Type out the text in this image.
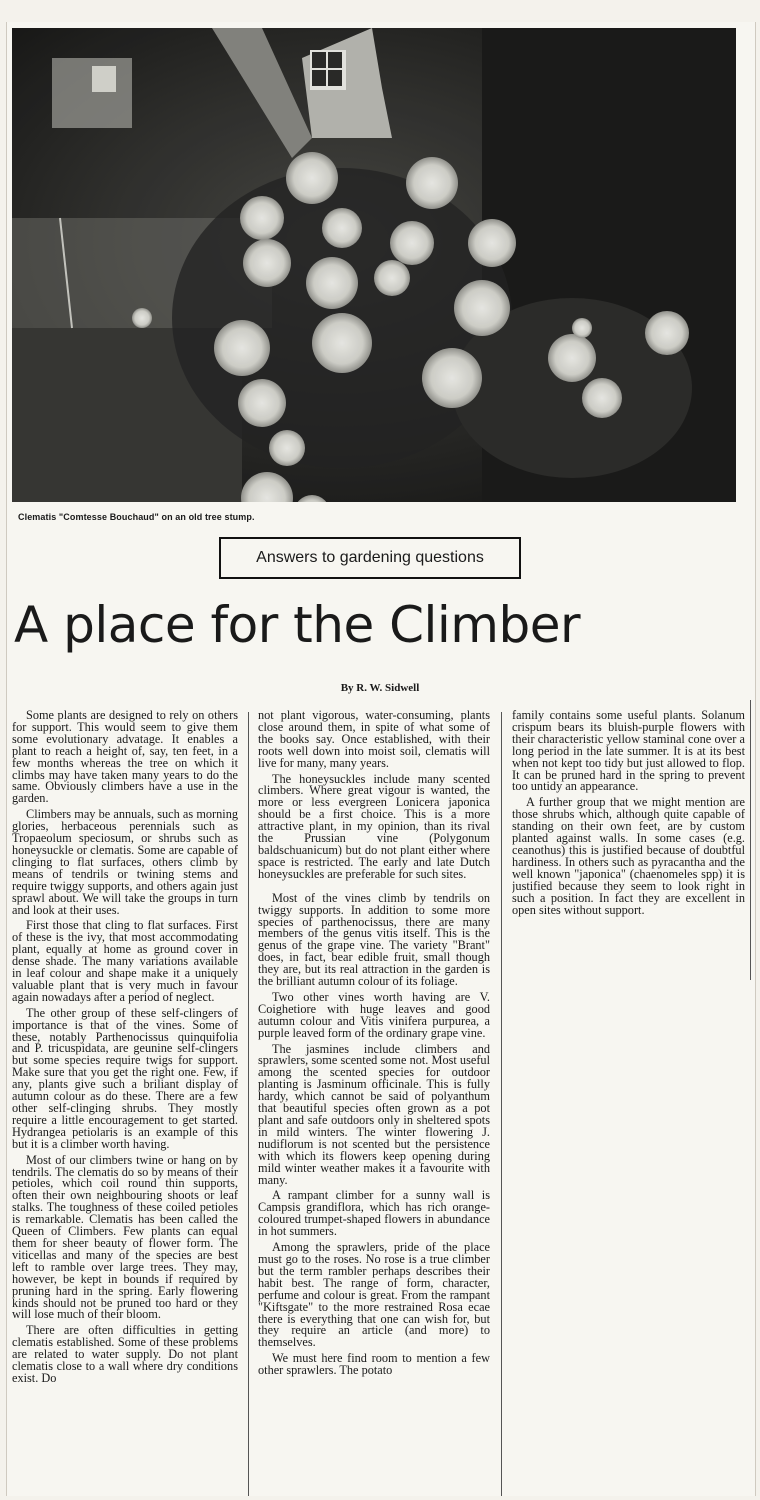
Clematis "Comtesse Bouchaud" on an old tree stump.
Answers to gardening questions
A place for the Climber
By R. W. Sidwell

Some plants are designed to rely on others for support. This would seem to give them some evolutionary advatage. It enables a plant to reach a height of, say, ten feet, in a few months whereas the tree on which it climbs may have taken many years to do the same. Obviously climbers have a use in the garden.

Climbers may be annuals, such as morning glories, herbaceous perennials such as Tropaeolum speciosum, or shrubs such as honeysuckle or clematis. Some are capable of clinging to flat surfaces, others climb by means of tendrils or twining stems and require twiggy supports, and others again just sprawl about. We will take the groups in turn and look at their uses.

First those that cling to flat surfaces. First of these is the ivy, that most accommodating plant, equally at home as ground cover in dense shade. The many variations available in leaf colour and shape make it a uniquely valuable plant that is very much in favour again nowadays after a period of neglect.

The other group of these self-clingers of importance is that of the vines. Some of these, notably Parthenocissus quinquifolia and P. tricuspidata, are geunine self-clingers but some species require twigs for support. Make sure that you get the right one. Few, if any, plants give such a briliant display of autumn colour as do these. There are a few other self-clinging shrubs. They mostly require a little encouragement to get started. Hydrangea petiolaris is an example of this but it is a climber worth having.

Most of our climbers twine or hang on by tendrils. The clematis do so by means of their petioles, which coil round thin supports, often their own neighbouring shoots or leaf stalks. The toughness of these coiled petioles is remarkable. Clematis has been called the Queen of Climbers. Few plants can equal them for sheer beauty of flower form. The viticellas and many of the species are best left to ramble over large trees. They may, however, be kept in bounds if required by pruning hard in the spring. Early flowering kinds should not be pruned too hard or they will lose much of their bloom.

There are often difficulties in getting clematis established. Some of these problems are related to water supply. Do not plant clematis close to a wall where dry conditions exist. Do

not plant vigorous, water-consuming, plants close around them, in spite of what some of the books say. Once established, with their roots well down into moist soil, clematis will live for many, many years.

The honeysuckles include many scented climbers. Where great vigour is wanted, the more or less evergreen Lonicera japonica should be a first choice. This is a more attractive plant, in my opinion, than its rival the Prussian vine (Polygonum baldschuanicum) but do not plant either where space is restricted. The early and late Dutch honeysuckles are preferable for such sites.

Most of the vines climb by tendrils on twiggy supports. In addition to some more species of parthenocissus, there are many members of the genus vitis itself. This is the genus of the grape vine. The variety "Brant" does, in fact, bear edible fruit, small though they are, but its real attraction in the garden is the brilliant autumn colour of its foliage.

Two other vines worth having are V. Coighetiore with huge leaves and good autumn colour and Vitis vinifera purpurea, a purple leaved form of the ordinary grape vine.

The jasmines include climbers and sprawlers, some scented some not. Most useful among the scented species for outdoor planting is Jasminum officinale. This is fully hardy, which cannot be said of polyanthum that beautiful species often grown as a pot plant and safe outdoors only in sheltered spots in mild winters. The winter flowering J. nudiflorum is not scented but the persistence with which its flowers keep opening during mild winter weather makes it a favourite with many.

A rampant climber for a sunny wall is Campsis grandiflora, which has rich orange-coloured trumpet-shaped flowers in abundance in hot summers.

Among the sprawlers, pride of the place must go to the roses. No rose is a true climber but the term rambler perhaps describes their habit best. The range of form, character, perfume and colour is great. From the rampant "Kiftsgate" to the more restrained Rosa ecae there is everything that one can wish for, but they require an article (and more) to themselves.

We must here find room to mention a few other sprawlers. The potato

family contains some useful plants. Solanum crispum bears its bluish-purple flowers with their characteristic yellow staminal cone over a long period in the late summer. It is at its best when not kept too tidy but just allowed to flop. It can be pruned hard in the spring to prevent too untidy an appearance.

A further group that we might mention are those shrubs which, although quite capable of standing on their own feet, are by custom planted against walls. In some cases (e.g. ceanothus) this is justified because of doubtful hardiness. In others such as pyracantha and the well known "japonica" (chaenomeles spp) it is justified because they seem to look right in such a position. In fact they are excellent in open sites without support.
